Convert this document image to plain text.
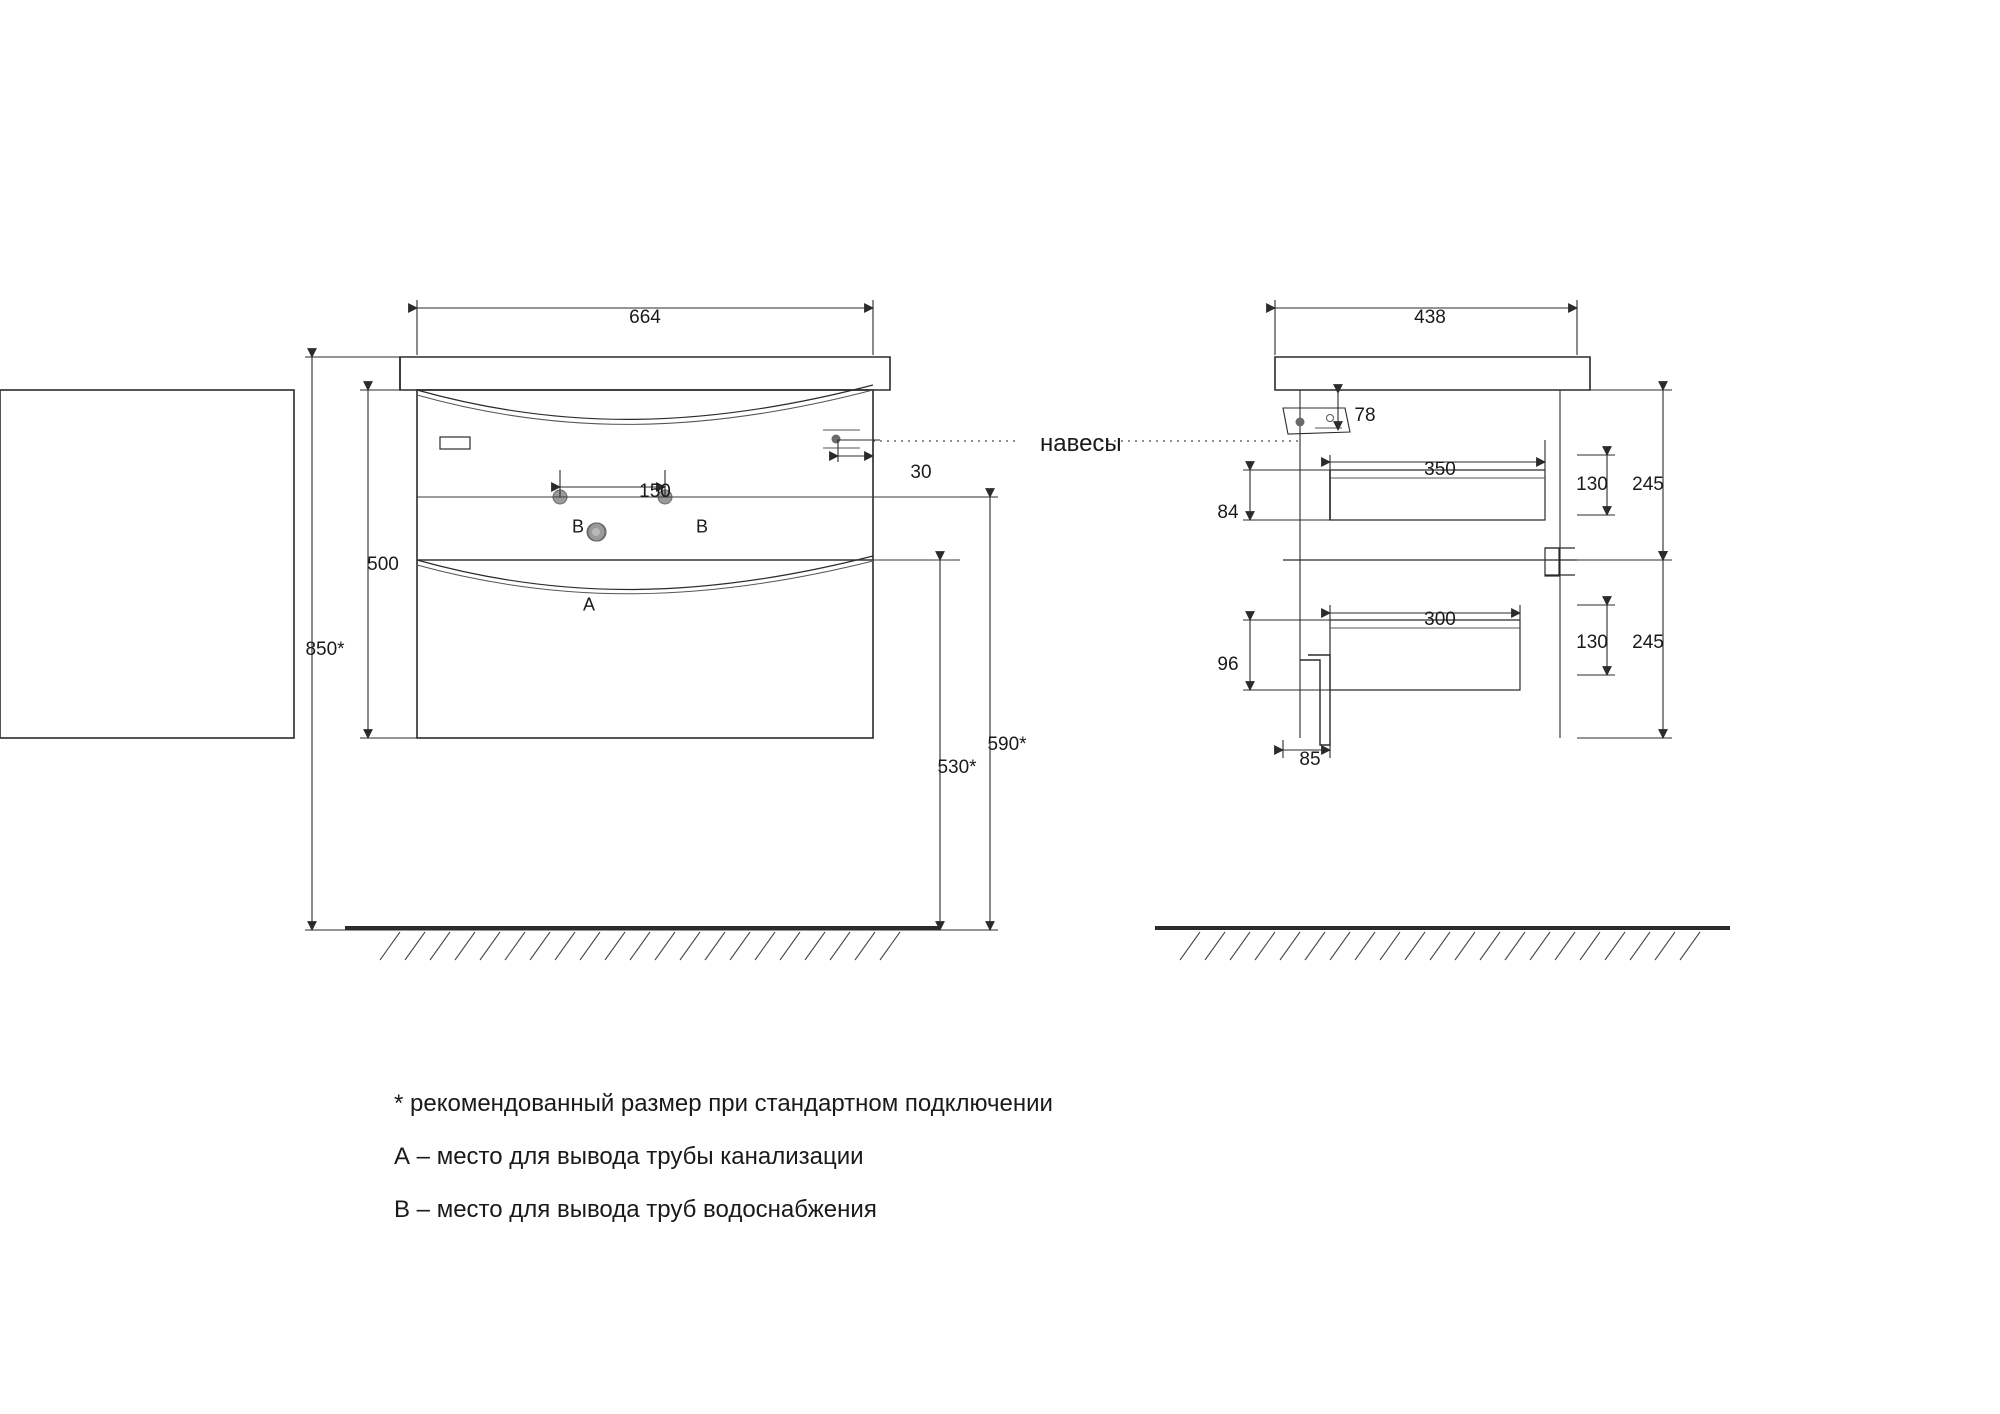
664
150
30
500
850*
530*
590*
A
B	B
навесы
438
78
350
300
84
96
85
130 245
130 245
* рекомендованный размер при стандартном подключении
А – место для вывода трубы канализации
В – место для вывода труб водоснабжения
